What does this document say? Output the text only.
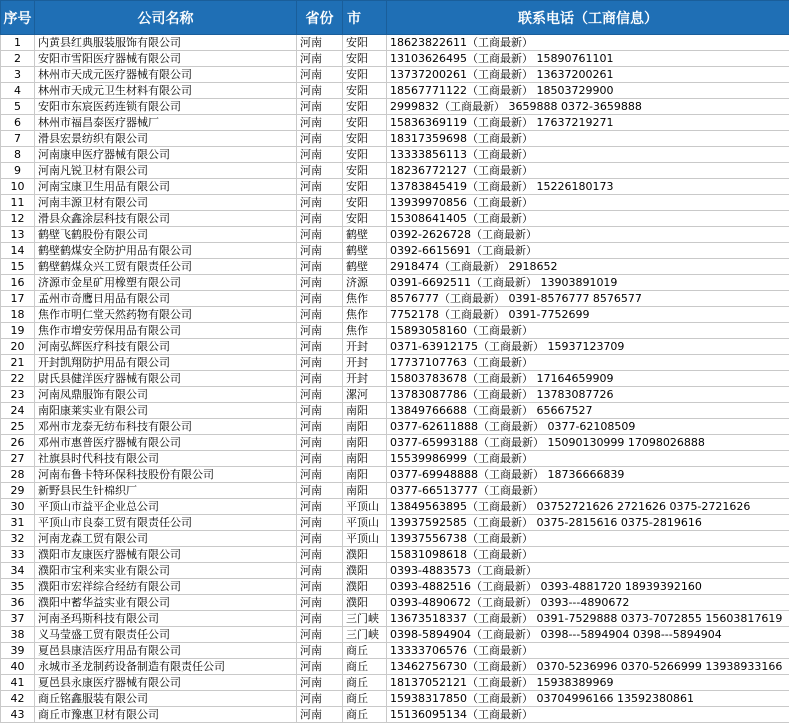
序号	公司名称	省份	市	联系电话（工商信息）
1	内黄县红典服装服饰有限公司	河南	安阳	18623822611（工商最新）
2	安阳市雪阳医疗器械有限公司	河南	安阳	13103626495（工商最新） 15890761101
3	林州市天成元医疗器械有限公司	河南	安阳	13737200261（工商最新） 13637200261
4	林州市天成元卫生材料有限公司	河南	安阳	18567771122（工商最新） 18503729900
5	安阳市东宸医药连锁有限公司	河南	安阳	2999832（工商最新） 3659888 0372-3659888
6	林州市福昌泰医疗器械厂	河南	安阳	15836369119（工商最新） 17637219271
7	滑县宏景纺织有限公司	河南	安阳	18317359698（工商最新）
8	河南康申医疗器械有限公司	河南	安阳	13333856113（工商最新）
9	河南凡锐卫材有限公司	河南	安阳	18236772127（工商最新）
10	河南宝康卫生用品有限公司	河南	安阳	13783845419（工商最新） 15226180173
11	河南丰源卫材有限公司	河南	安阳	13939970856（工商最新）
12	滑县众鑫涂层科技有限公司	河南	安阳	15308641405（工商最新）
13	鹤壁飞鹤股份有限公司	河南	鹤壁	0392-2626728（工商最新）
14	鹤壁鹤煤安全防护用品有限公司	河南	鹤壁	0392-6615691（工商最新）
15	鹤壁鹤煤众兴工贸有限责任公司	河南	鹤壁	2918474（工商最新） 2918652
16	济源市金星矿用橡塑有限公司	河南	济源	0391-6692511（工商最新） 13903891019
17	孟州市奇鹰日用品有限公司	河南	焦作	8576777（工商最新） 0391-8576777 8576577
18	焦作市明仁堂天然药物有限公司	河南	焦作	7752178（工商最新） 0391-7752699
19	焦作市增安劳保用品有限公司	河南	焦作	15893058160（工商最新）
20	河南弘辉医疗科技有限公司	河南	开封	0371-63912175（工商最新） 15937123709
21	开封凯翔防护用品有限公司	河南	开封	17737107763（工商最新）
22	尉氏县健洋医疗器械有限公司	河南	开封	15803783678（工商最新） 17164659909
23	河南凤鼎服饰有限公司	河南	漯河	13783087786（工商最新） 13783087726
24	南阳康莱实业有限公司	河南	南阳	13849766688（工商最新） 65667527
25	邓州市龙泰无纺布科技有限公司	河南	南阳	0377-62611888（工商最新） 0377-62108509
26	邓州市惠普医疗器械有限公司	河南	南阳	0377-65993188（工商最新） 15090130999 17098026888
27	社旗县时代科技有限公司	河南	南阳	15539986999（工商最新）
28	河南布鲁卡特环保科技股份有限公司	河南	南阳	0377-69948888（工商最新） 18736666839
29	新野县民生针棉织厂	河南	南阳	0377-66513777（工商最新）
30	平顶山市益平企业总公司	河南	平顶山	13849563895（工商最新） 03752721626 2721626 0375-2721626
31	平顶山市良泰工贸有限责任公司	河南	平顶山	13937592585（工商最新） 0375-2815616 0375-2819616
32	河南龙森工贸有限公司	河南	平顶山	13937556738（工商最新）
33	濮阳市友康医疗器械有限公司	河南	濮阳	15831098618（工商最新）
34	濮阳市宝利来实业有限公司	河南	濮阳	0393-4883573（工商最新）
35	濮阳市宏祥综合经纺有限公司	河南	濮阳	0393-4882516（工商最新） 0393-4881720 18939392160
36	濮阳中蓄华益实业有限公司	河南	濮阳	0393-4890672（工商最新） 0393---4890672
37	河南圣玛斯科技有限公司	河南	三门峡	13673518337（工商最新） 0391-7529888 0373-7072855 15603817619
38	义马莹盛工贸有限责任公司	河南	三门峡	0398-5894904（工商最新） 0398---5894904 0398---5894904
39	夏邑县康洁医疗用品有限公司	河南	商丘	13333706576（工商最新）
40	永城市圣龙制药设备制造有限责任公司	河南	商丘	13462756730（工商最新） 0370-5236996 0370-5266999 13938933166
41	夏邑县永康医疗器械有限公司	河南	商丘	18137052121（工商最新） 15938389969
42	商丘铭鑫服装有限公司	河南	商丘	15938317850（工商最新） 03704996166 13592380861
43	商丘市豫惠卫材有限公司	河南	商丘	15136095134（工商最新）
